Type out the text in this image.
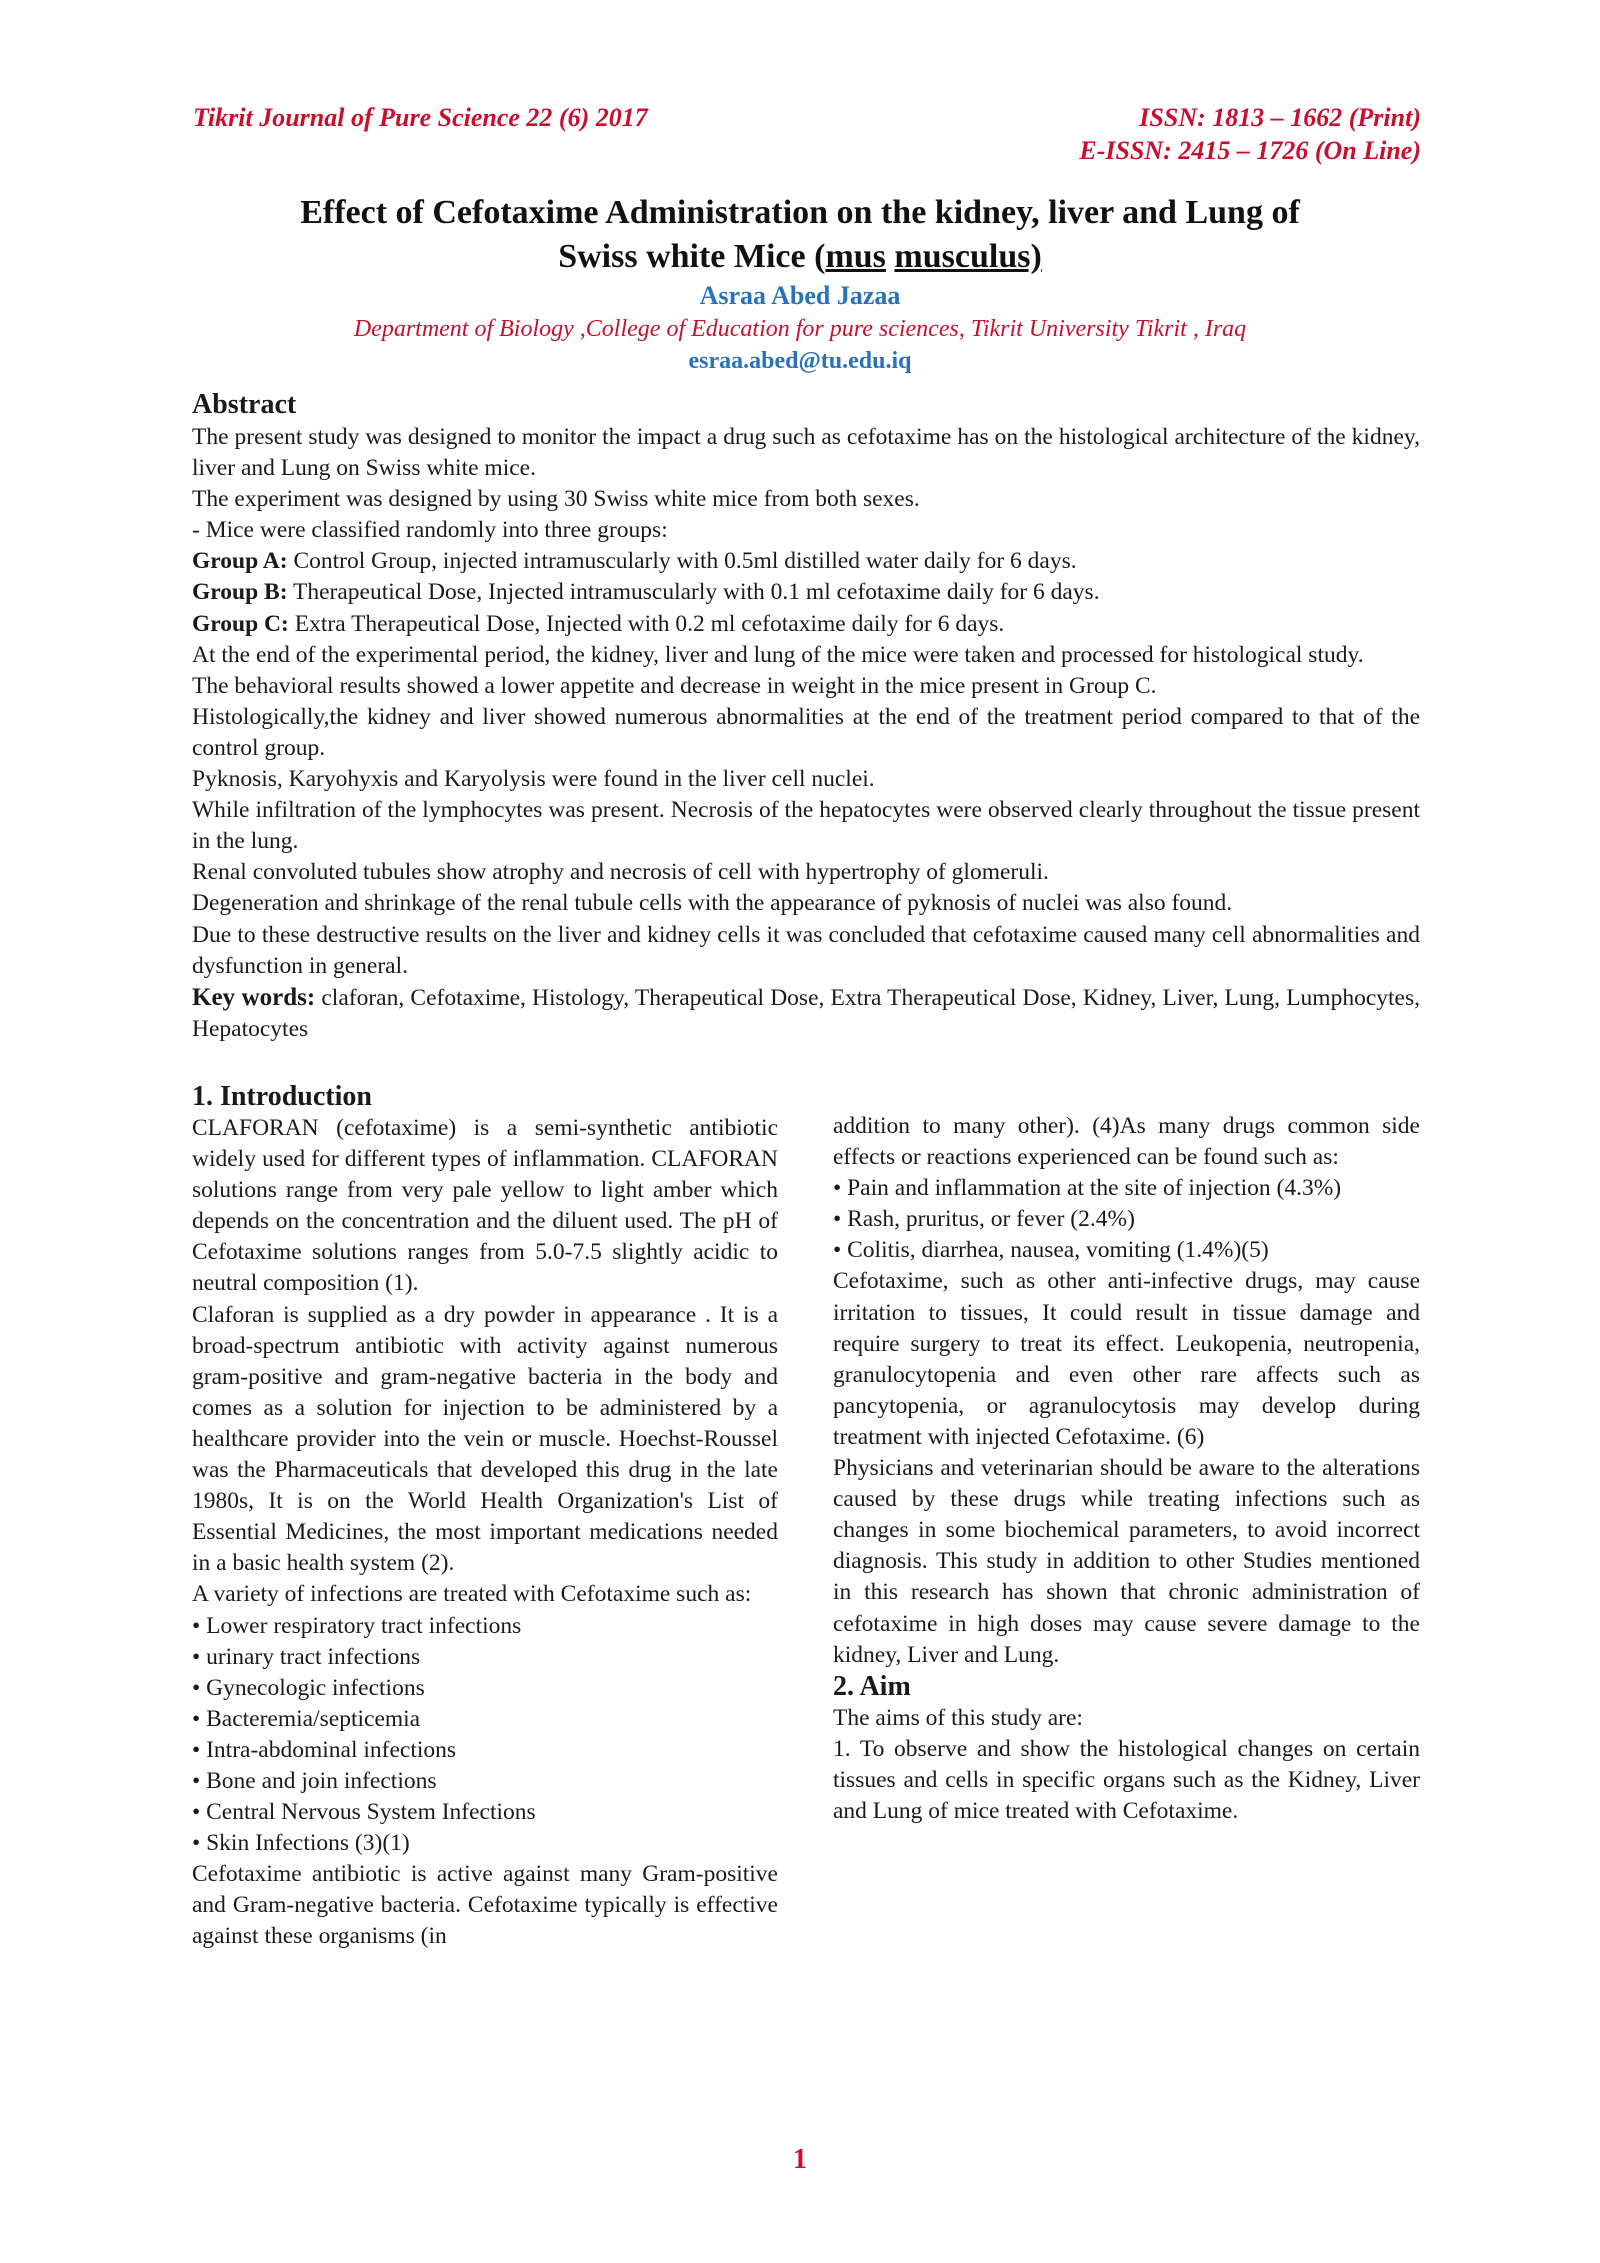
Tikrit Journal of Pure Science 22 (6) 2017	ISSN: 1813 – 1662 (Print)
E-ISSN: 2415 – 1726 (On Line)
Effect of Cefotaxime Administration on the kidney, liver and Lung of
Swiss white Mice (mus musculus)
Asraa Abed Jazaa
Department of Biology ,College of Education for pure sciences, Tikrit University Tikrit , Iraq
esraa.abed@tu.edu.iq

Abstract

The present study was designed to monitor the impact a drug such as cefotaxime has on the histological architecture of the kidney, liver and Lung on Swiss white mice.

The experiment was designed by using 30 Swiss white mice from both sexes.

- Mice were classified randomly into three groups:

Group A: Control Group, injected intramuscularly with 0.5ml distilled water daily for 6 days.

Group B: Therapeutical Dose, Injected intramuscularly with 0.1 ml cefotaxime daily for 6 days.

Group C: Extra Therapeutical Dose, Injected with 0.2 ml cefotaxime daily for 6 days.

At the end of the experimental period, the kidney, liver and lung of the mice were taken and processed for histological study.

The behavioral results showed a lower appetite and decrease in weight in the mice present in Group C.

Histologically,the kidney and liver showed numerous abnormalities at the end of the treatment period compared to that of the control group.

Pyknosis, Karyohyxis and Karyolysis were found in the liver cell nuclei.

While infiltration of the lymphocytes was present. Necrosis of the hepatocytes were observed clearly throughout the tissue present in the lung.

Renal convoluted tubules show atrophy and necrosis of cell with hypertrophy of glomeruli.

Degeneration and shrinkage of the renal tubule cells with the appearance of pyknosis of nuclei was also found.

Due to these destructive results on the liver and kidney cells it was concluded that cefotaxime caused many cell abnormalities and dysfunction in general.

Key words: claforan, Cefotaxime, Histology, Therapeutical Dose, Extra Therapeutical Dose, Kidney, Liver, Lung, Lumphocytes, Hepatocytes

1. Introduction

CLAFORAN (cefotaxime) is a semi-synthetic antibiotic widely used for different types of inflammation. CLAFORAN solutions range from very pale yellow to light amber which depends on the concentration and the diluent used. The pH of Cefotaxime solutions ranges from 5.0-7.5 slightly acidic to neutral composition (1).

Claforan is supplied as a dry powder in appearance . It is a broad-spectrum antibiotic with activity against numerous gram-positive and gram-negative bacteria in the body and comes as a solution for injection to be administered by a healthcare provider into the vein or muscle. Hoechst-Roussel was the Pharmaceuticals that developed this drug in the late 1980s, It is on the World Health Organization's List of Essential Medicines, the most important medications needed in a basic health system (2).

A variety of infections are treated with Cefotaxime such as:

• Lower respiratory tract infections

• urinary tract infections

• Gynecologic infections

• Bacteremia/septicemia

• Intra-abdominal infections

• Bone and join infections

• Central Nervous System Infections

• Skin Infections (3)(1)

Cefotaxime antibiotic is active against many Gram-positive and Gram-negative bacteria. Cefotaxime typically is effective against these organisms (in

addition to many other). (4)As many drugs common side effects or reactions experienced can be found such as:

• Pain and inflammation at the site of injection (4.3%)

• Rash, pruritus, or fever (2.4%)

• Colitis, diarrhea, nausea, vomiting (1.4%)(5)

Cefotaxime, such as other anti-infective drugs, may cause irritation to tissues, It could result in tissue damage and require surgery to treat its effect. Leukopenia, neutropenia, granulocytopenia and even other rare affects such as pancytopenia, or agranulocytosis may develop during treatment with injected Cefotaxime. (6)

Physicians and veterinarian should be aware to the alterations caused by these drugs while treating infections such as changes in some biochemical parameters, to avoid incorrect diagnosis. This study in addition to other Studies mentioned in this research has shown that chronic administration of cefotaxime in high doses may cause severe damage to the kidney, Liver and Lung.

2. Aim

The aims of this study are:

1. To observe and show the histological changes on certain tissues and cells in specific organs such as the Kidney, Liver and Lung of mice treated with Cefotaxime.

1
